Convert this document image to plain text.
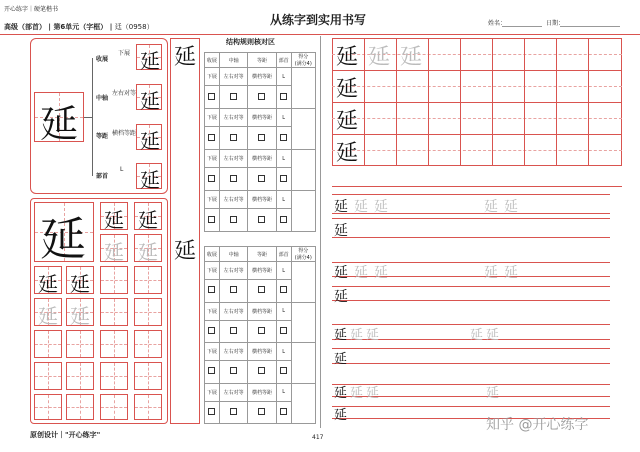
开心练字｜硬笔楷书
高级（部首） | 第6单元（字框） | 廷（0958）	从练字到实用书写	姓名：	日期：
延
收展
中轴
等距
部首
下展
左右对等
横档等距
L
延
延
延
延
延 延 延
延 延
延 延
延 延
延
延
结构规则核对区
收展	中轴	等距	部首	得分
(满分4)
下展	左右对等	横档等距	L	

下展	左右对等	横档等距	L	

下展	左右对等	横档等距	L	

下展	左右对等	横档等距	L	

收展	中轴	等距	部首	得分
(满分4)
下展	左右对等	横档等距	L	

下展	左右对等	横档等距	L	

下展	左右对等	横档等距	L	

下展	左右对等	横档等距	L	

延 延 延
延
延
延
延 延 延	延 延
延
延 延 延	延 延
延
延 延 延	延 延
延
延 延 延	延
延
原创设计｜"开心练字"	417
知乎 @开心练字
